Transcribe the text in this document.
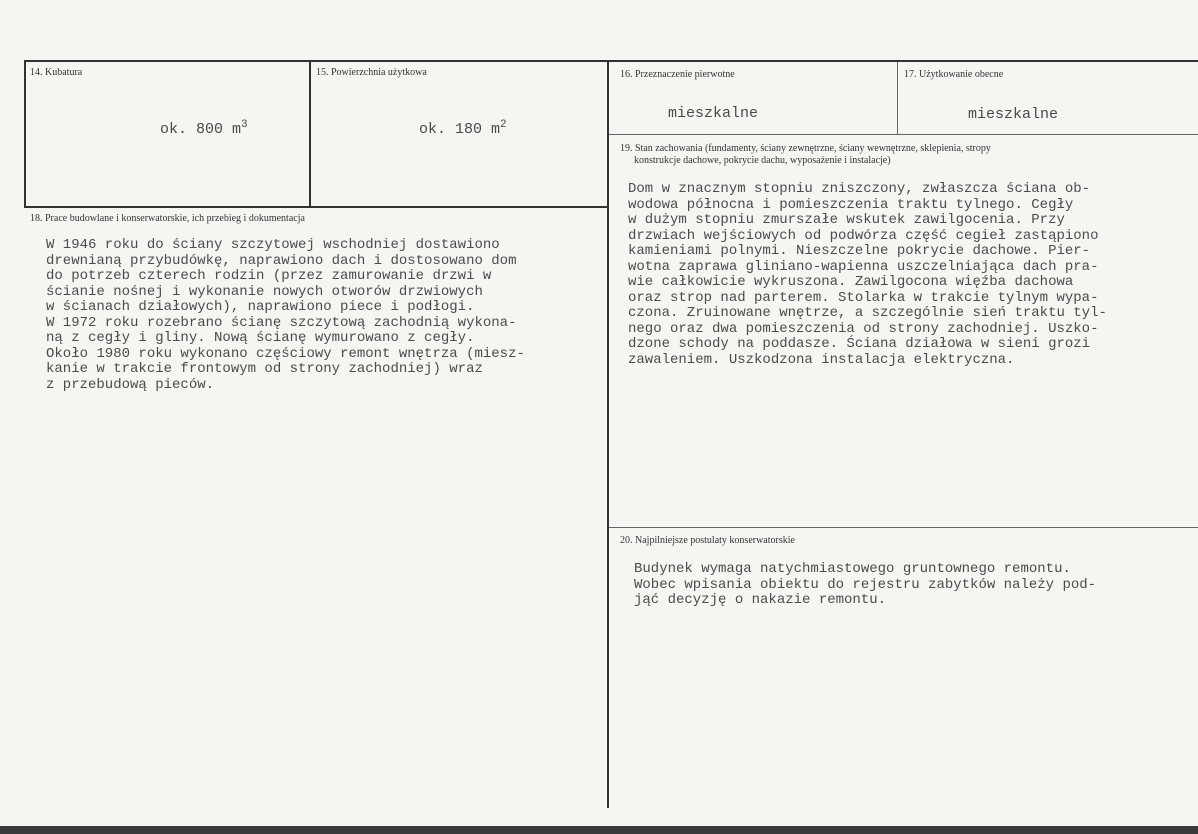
14. Kubatura

ok. 800 $m^3$

15. Powierzchnia użytkowa

ok. 180 $m^2$

16. Przeznaczenie pierwotne
mieszkalne
17. Użytkowanie obecne
mieszkalne
18. Prace budowlane i konserwatorskie, ich przebieg i dokumentacja
W 1946 roku do ściany szczytowej wschodniej dostawiono
drewnianą przybudówkę, naprawiono dach i dostosowano dom
do potrzeb czterech rodzin (przez zamurowanie drzwi w
ścianie nośnej i wykonanie nowych otworów drzwiowych
w ścianach działowych), naprawiono piece i podłogi.
W 1972 roku rozebrano ścianę szczytową zachodnią wykona-
ną z cegły i gliny. Nową ścianę wymurowano z cegły.
Około 1980 roku wykonano częściowy remont wnętrza (miesz-
kanie w trakcie frontowym od strony zachodniej) wraz
z przebudową pieców.
19. Stan zachowania (fundamenty, ściany zewnętrzne, ściany wewnętrzne, sklepienia, stropy
konstrukcje dachowe, pokrycie dachu, wyposażenie i instalacje)
Dom w znacznym stopniu zniszczony, zwłaszcza ściana ob-
wodowa północna i pomieszczenia traktu tylnego. Cegły
w dużym stopniu zmurszałe wskutek zawilgocenia. Przy
drzwiach wejściowych od podwórza część cegieł zastąpiono
kamieniami polnymi. Nieszczelne pokrycie dachowe. Pier-
wotna zaprawa gliniano-wapienna uszczelniająca dach pra-
wie całkowicie wykruszona. Zawilgocona więźba dachowa
oraz strop nad parterem. Stolarka w trakcie tylnym wypa-
czona. Zruinowane wnętrze, a szczególnie sień traktu tyl-
nego oraz dwa pomieszczenia od strony zachodniej. Uszko-
dzone schody na poddasze. Ściana działowa w sieni grozi
zawaleniem. Uszkodzona instalacja elektryczna.
20. Najpilniejsze postulaty konserwatorskie
Budynek wymaga natychmiastowego gruntownego remontu.
Wobec wpisania obiektu do rejestru zabytków należy pod-
jąć decyzję o nakazie remontu.
